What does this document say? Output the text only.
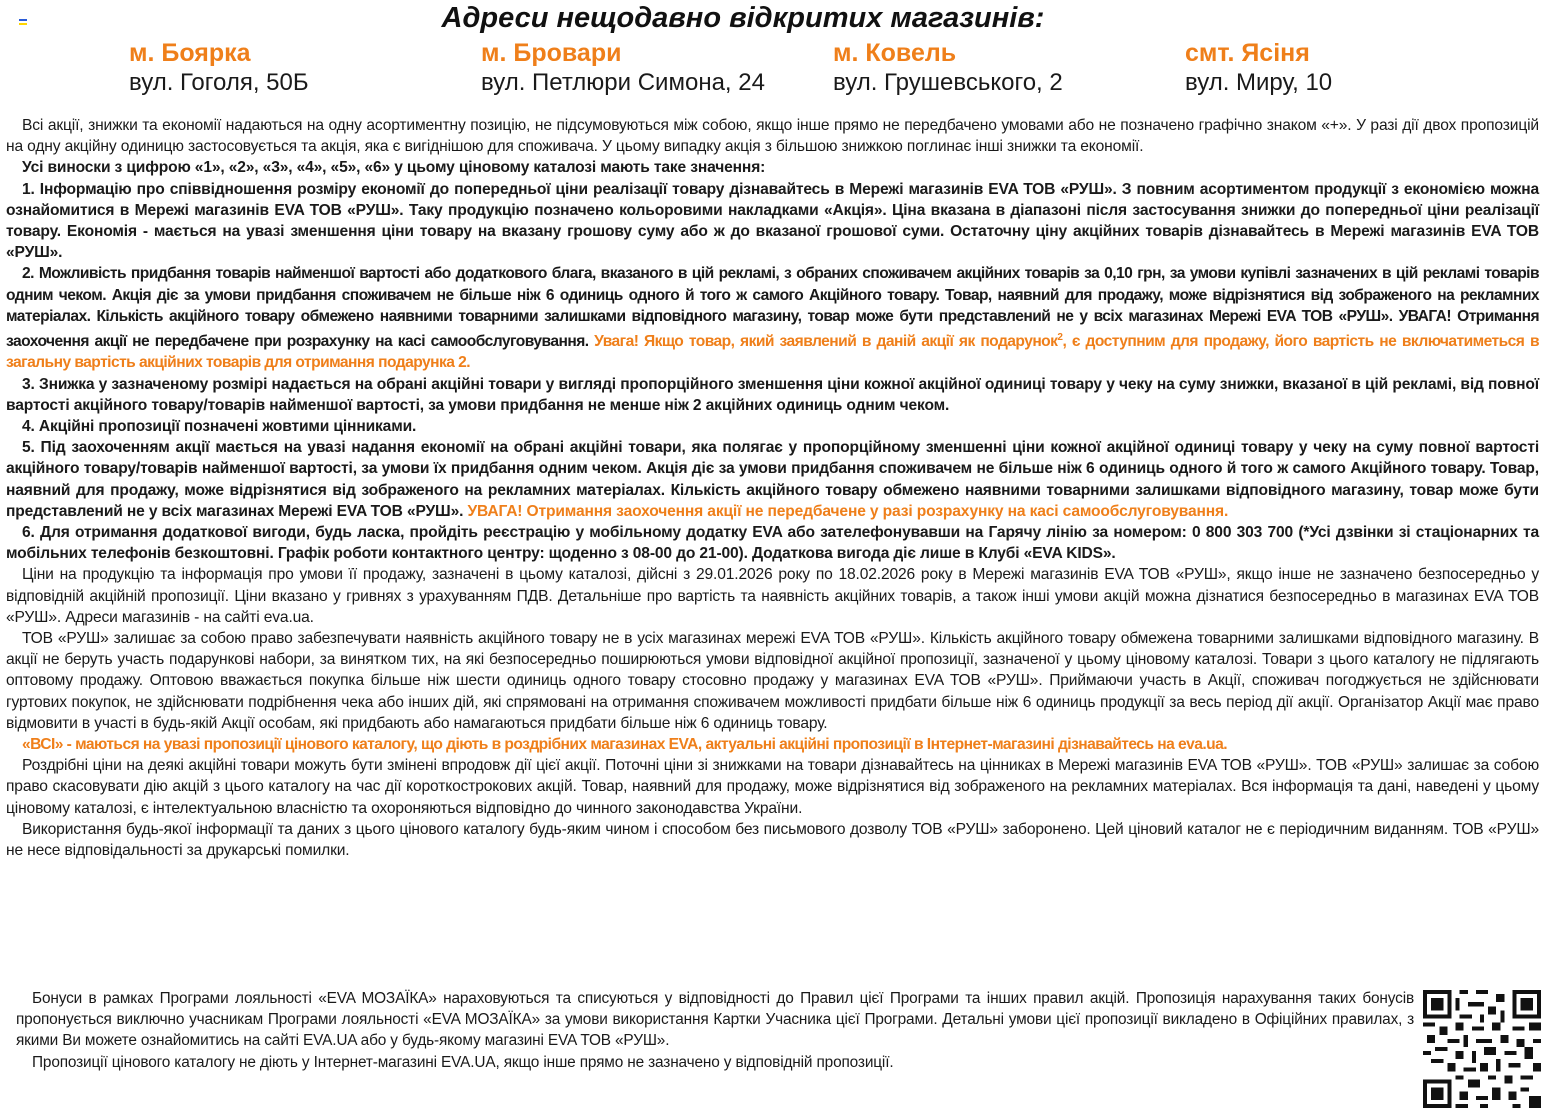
Адреси нещодавно відкритих магазинів:
м. Боярка
вул. Гоголя, 50Б
м. Бровари
вул. Петлюри Симона, 24
м. Ковель
вул. Грушевського, 2
смт. Ясіня
вул. Миру, 10

Всі акції, знижки та економії надаються на одну асортиментну позицію, не підсумовуються між собою, якщо інше прямо не передбачено умовами або не позначено графічно знаком «+». У разі дії двох пропозицій на одну акційну одиницю застосовується та акція, яка є вигіднішою для споживача. У цьому випадку акція з більшою знижкою поглинає інші знижки та економії.

Усі виноски з цифрою «1», «2», «3», «4», «5», «6» у цьому ціновому каталозі мають таке значення:

1. Інформацію про співвідношення розміру економії до попередньої ціни реалізації товару дізнавайтесь в Мережі магазинів EVA ТОВ «РУШ». З повним асортиментом продукції з економією можна ознайомитися в Мережі магазинів EVA ТОВ «РУШ». Таку продукцію позначено кольоровими накладками «Акція». Ціна вказана в діапазоні після застосування знижки до попередньої ціни реалізації товару. Економія - мається на увазі зменшення ціни товару на вказану грошову суму або ж до вказаної грошової суми. Остаточну ціну акційних товарів дізнавайтесь в Мережі магазинів EVA ТОВ «РУШ».

2. Можливість придбання товарів найменшої вартості або додаткового блага, вказаного в цій рекламі, з обраних споживачем акційних товарів за 0,10 грн, за умови купівлі зазначених в цій рекламі товарів одним чеком. Акція діє за умови придбання споживачем не більше ніж 6 одиниць одного й того ж самого Акційного товару. Товар, наявний для продажу, може відрізнятися від зображеного на рекламних матеріалах. Кількість акційного товару обмежено наявними товарними залишками відповідного магазину, товар може бути представлений не у всіх магазинах Мережі EVA ТОВ «РУШ». УВАГА! Отримання заохочення акції не передбачене при розрахунку на касі самообслуговування. Увага! Якщо товар, який заявлений в даній акції як подарунок$^2$, є доступним для продажу, його вартість не включатиметься в загальну вартість акційних товарів для отримання подарунка 2.

3. Знижка у зазначеному розмірі надається на обрані акційні товари у вигляді пропорційного зменшення ціни кожної акційної одиниці товару у чеку на суму знижки, вказаної в цій рекламі, від повної вартості акційного товару/товарів найменшої вартості, за умови придбання не менше ніж 2 акційних одиниць одним чеком.

4. Акційні пропозиції позначені жовтими цінниками.

5. Під заохоченням акції мається на увазі надання економії на обрані акційні товари, яка полягає у пропорційному зменшенні ціни кожної акційної одиниці товару у чеку на суму повної вартості акційного товару/товарів найменшої вартості, за умови їх придбання одним чеком. Акція діє за умови придбання споживачем не більше ніж 6 одиниць одного й того ж самого Акційного товару. Товар, наявний для продажу, може відрізнятися від зображеного на рекламних матеріалах. Кількість акційного товару обмежено наявними товарними залишками відповідного магазину, товар може бути представлений не у всіх магазинах Мережі EVA ТОВ «РУШ». УВАГА! Отримання заохочення акції не передбачене у разі розрахунку на касі самообслуговування.

6. Для отримання додаткової вигоди, будь ласка, пройдіть реєстрацію у мобільному додатку EVA або зателефонувавши на Гарячу лінію за номером: 0 800 303 700 (*Усі дзвінки зі стаціонарних та мобільних телефонів безкоштовні. Графік роботи контактного центру: щоденно з 08-00 до 21-00). Додаткова вигода діє лише в Клубі «EVA KIDS».

Ціни на продукцію та інформація про умови її продажу, зазначені в цьому каталозі, дійсні з 29.01.2026 року по 18.02.2026 року в Мережі магазинів EVA ТОВ «РУШ», якщо інше не зазначено безпосередньо у відповідній акційній пропозиції. Ціни вказано у гривнях з урахуванням ПДВ. Детальніше про вартість та наявність акційних товарів, а також інші умови акцій можна дізнатися безпосередньо в магазинах EVA ТОВ «РУШ». Адреси магазинів - на сайті eva.ua.

ТОВ «РУШ» залишає за собою право забезпечувати наявність акційного товару не в усіх магазинах мережі EVA ТОВ «РУШ». Кількість акційного товару обмежена товарними залишками відповідного магазину. В акції не беруть участь подарункові набори, за винятком тих, на які безпосередньо поширюються умови відповідної акційної пропозиції, зазначеної у цьому ціновому каталозі. Товари з цього каталогу не підлягають оптовому продажу. Оптовою вважається покупка більше ніж шести одиниць одного товару стосовно продажу у магазинах EVA ТОВ «РУШ». Приймаючи участь в Акції, споживач погоджується не здійснювати гуртових покупок, не здійснювати подрібнення чека або інших дій, які спрямовані на отримання споживачем можливості придбати більше ніж 6 одиниць продукції за весь період дії акції. Організатор Акції має право відмовити в участі в будь-якій Акції особам, які придбають або намагаються придбати більше ніж 6 одиниць товару.

«ВСІ» - маються на увазі пропозиції цінового каталогу, що діють в роздрібних магазинах EVA, актуальні акційні пропозиції в Інтернет-магазині дізнавайтесь на eva.ua.

Роздрібні ціни на деякі акційні товари можуть бути змінені впродовж дії цієї акції. Поточні ціни зі знижками на товари дізнавайтесь на цінниках в Мережі магазинів EVA ТОВ «РУШ». ТОВ «РУШ» залишає за собою право скасовувати дію акцій з цього каталогу на час дії короткострокових акцій. Товар, наявний для продажу, може відрізнятися від зображеного на рекламних матеріалах. Вся інформація та дані, наведені у цьому ціновому каталозі, є інтелектуальною власністю та охороняються відповідно до чинного законодавства України.

Використання будь-якої інформації та даних з цього цінового каталогу будь-яким чином і способом без письмового дозволу ТОВ «РУШ» заборонено. Цей ціновий каталог не є періодичним виданням. ТОВ «РУШ» не несе відповідальності за друкарські помилки.

Бонуси в рамках Програми лояльності «EVA МОЗАЇКА» нараховуються та списуються у відповідності до Правил цієї Програми та інших правил акцій. Пропозиція нарахування таких бонусів пропонується виключно учасникам Програми лояльності «EVA МОЗАЇКА» за умови використання Картки Учасника цієї Програми. Детальні умови цієї пропозиції викладено в Офіційних правилах, з якими Ви можете ознайомитись на сайті EVA.UA або у будь-якому магазині EVA ТОВ «РУШ».

Пропозиції цінового каталогу не діють у Інтернет-магазині EVA.UA, якщо інше прямо не зазначено у відповідній пропозиції.
